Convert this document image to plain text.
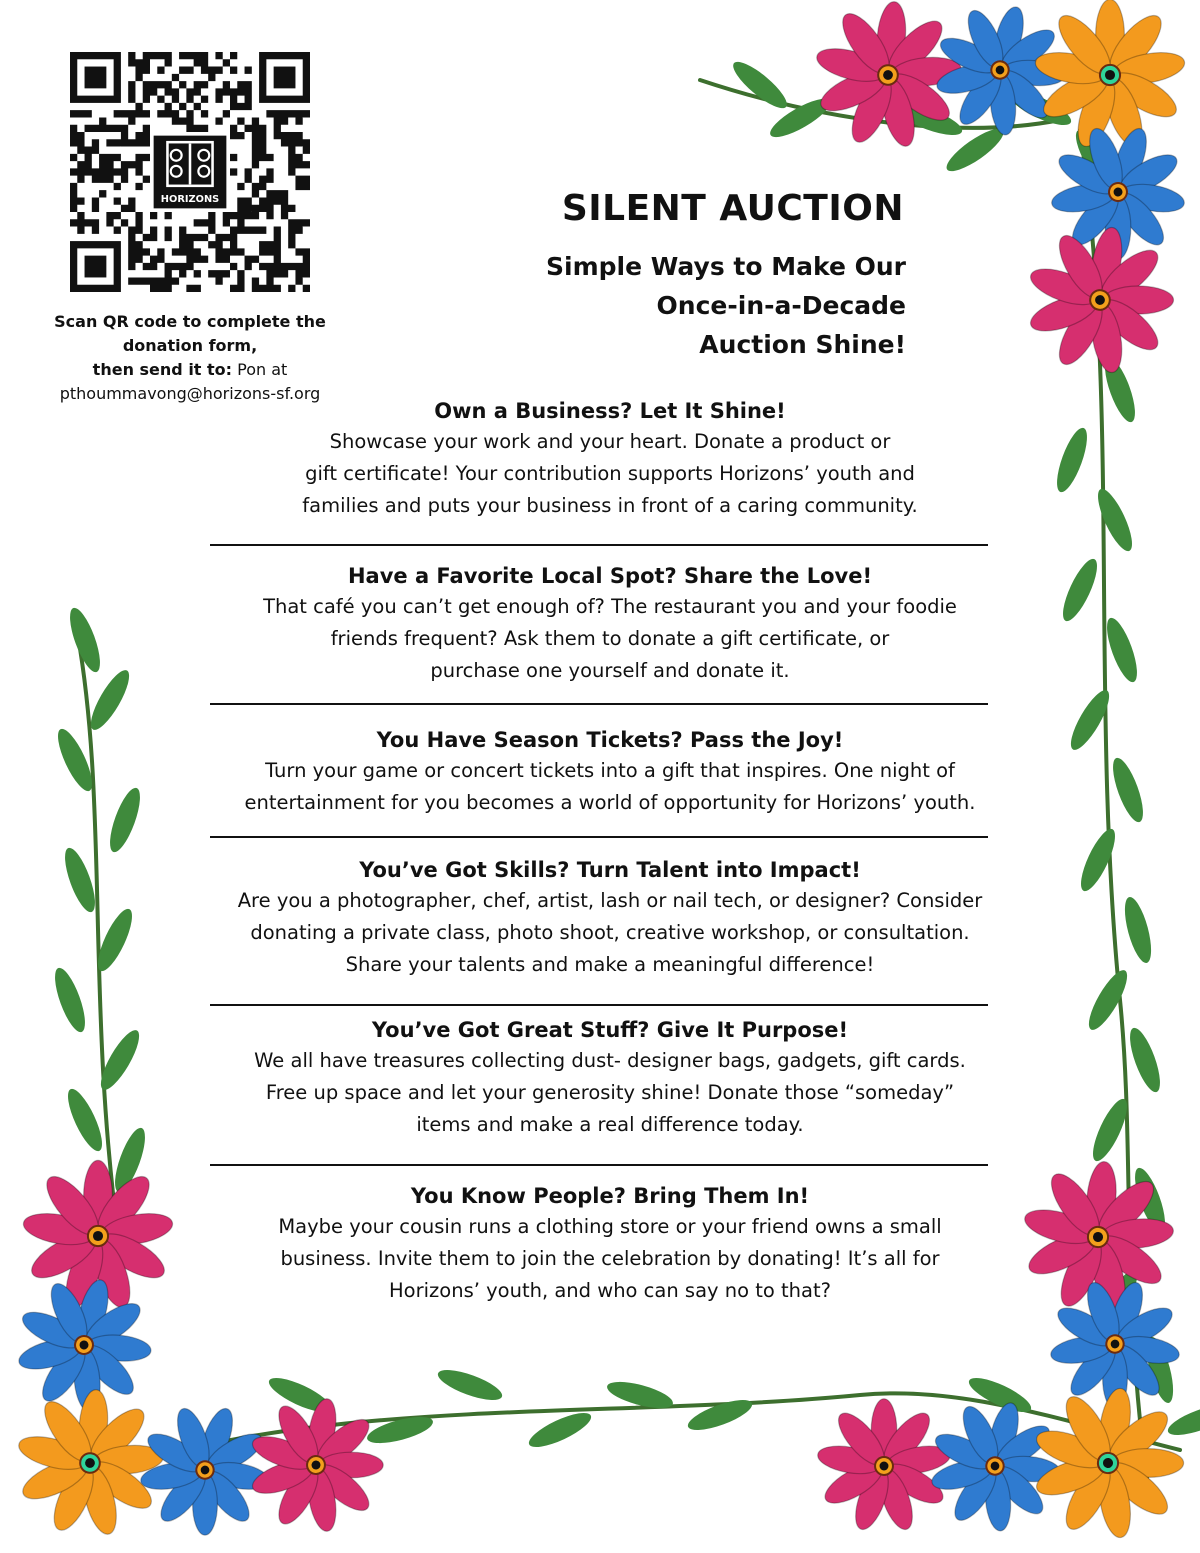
HORIZONS
Scan QR code to complete the
donation form,
then send it to: Pon at
pthoummavong@horizons-sf.org
SILENT AUCTION
Simple Ways to Make Our
Once-in-a-Decade
Auction Shine!
Own a Business? Let It Shine!

Showcase your work and your heart. Donate a product or

gift certificate! Your contribution supports Horizons’ youth and

families and puts your business in front of a caring community.

Have a Favorite Local Spot? Share the Love!

That café you can’t get enough of? The restaurant you and your foodie

friends frequent? Ask them to donate a gift certificate, or

purchase one yourself and donate it.

You Have Season Tickets? Pass the Joy!

Turn your game or concert tickets into a gift that inspires. One night of

entertainment for you becomes a world of opportunity for Horizons’ youth.

You’ve Got Skills? Turn Talent into Impact!

Are you a photographer, chef, artist, lash or nail tech, or designer? Consider

donating a private class, photo shoot, creative workshop, or consultation.

Share your talents and make a meaningful difference!

You’ve Got Great Stuff? Give It Purpose!

We all have treasures collecting dust- designer bags, gadgets, gift cards.

Free up space and let your generosity shine! Donate those “someday”

items and make a real difference today.

You Know People? Bring Them In!

Maybe your cousin runs a clothing store or your friend owns a small

business. Invite them to join the celebration by donating! It’s all for

Horizons’ youth, and who can say no to that?
